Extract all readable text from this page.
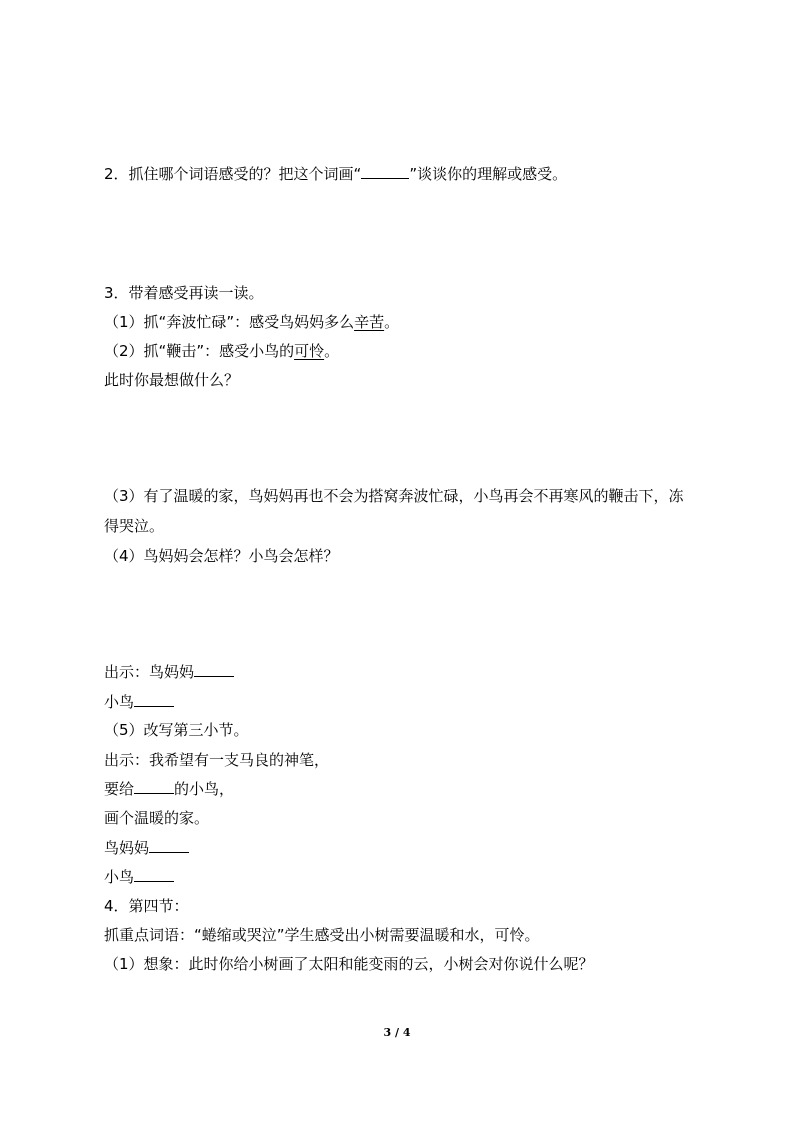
2．抓住哪个词语感受的？把这个词画“	”谈谈你的理解或感受。
3．带着感受再读一读。
（1）抓“奔波忙碌”：感受鸟妈妈多么辛苦。
（2）抓“鞭击”：感受小鸟的可怜。
此时你最想做什么？
（3）有了温暖的家，鸟妈妈再也不会为搭窝奔波忙碌，小鸟再会不再寒风的鞭击下，冻
得哭泣。
（4）鸟妈妈会怎样？小鸟会怎样？
出示：鸟妈妈
小鸟
（5）改写第三小节。
出示：我希望有一支马良的神笔，
要给	的小鸟，
画个温暖的家。
鸟妈妈
小鸟
4．第四节：
抓重点词语：“蜷缩或哭泣”学生感受出小树需要温暖和水，可怜。
（1）想象：此时你给小树画了太阳和能变雨的云，小树会对你说什么呢？
3 / 4
